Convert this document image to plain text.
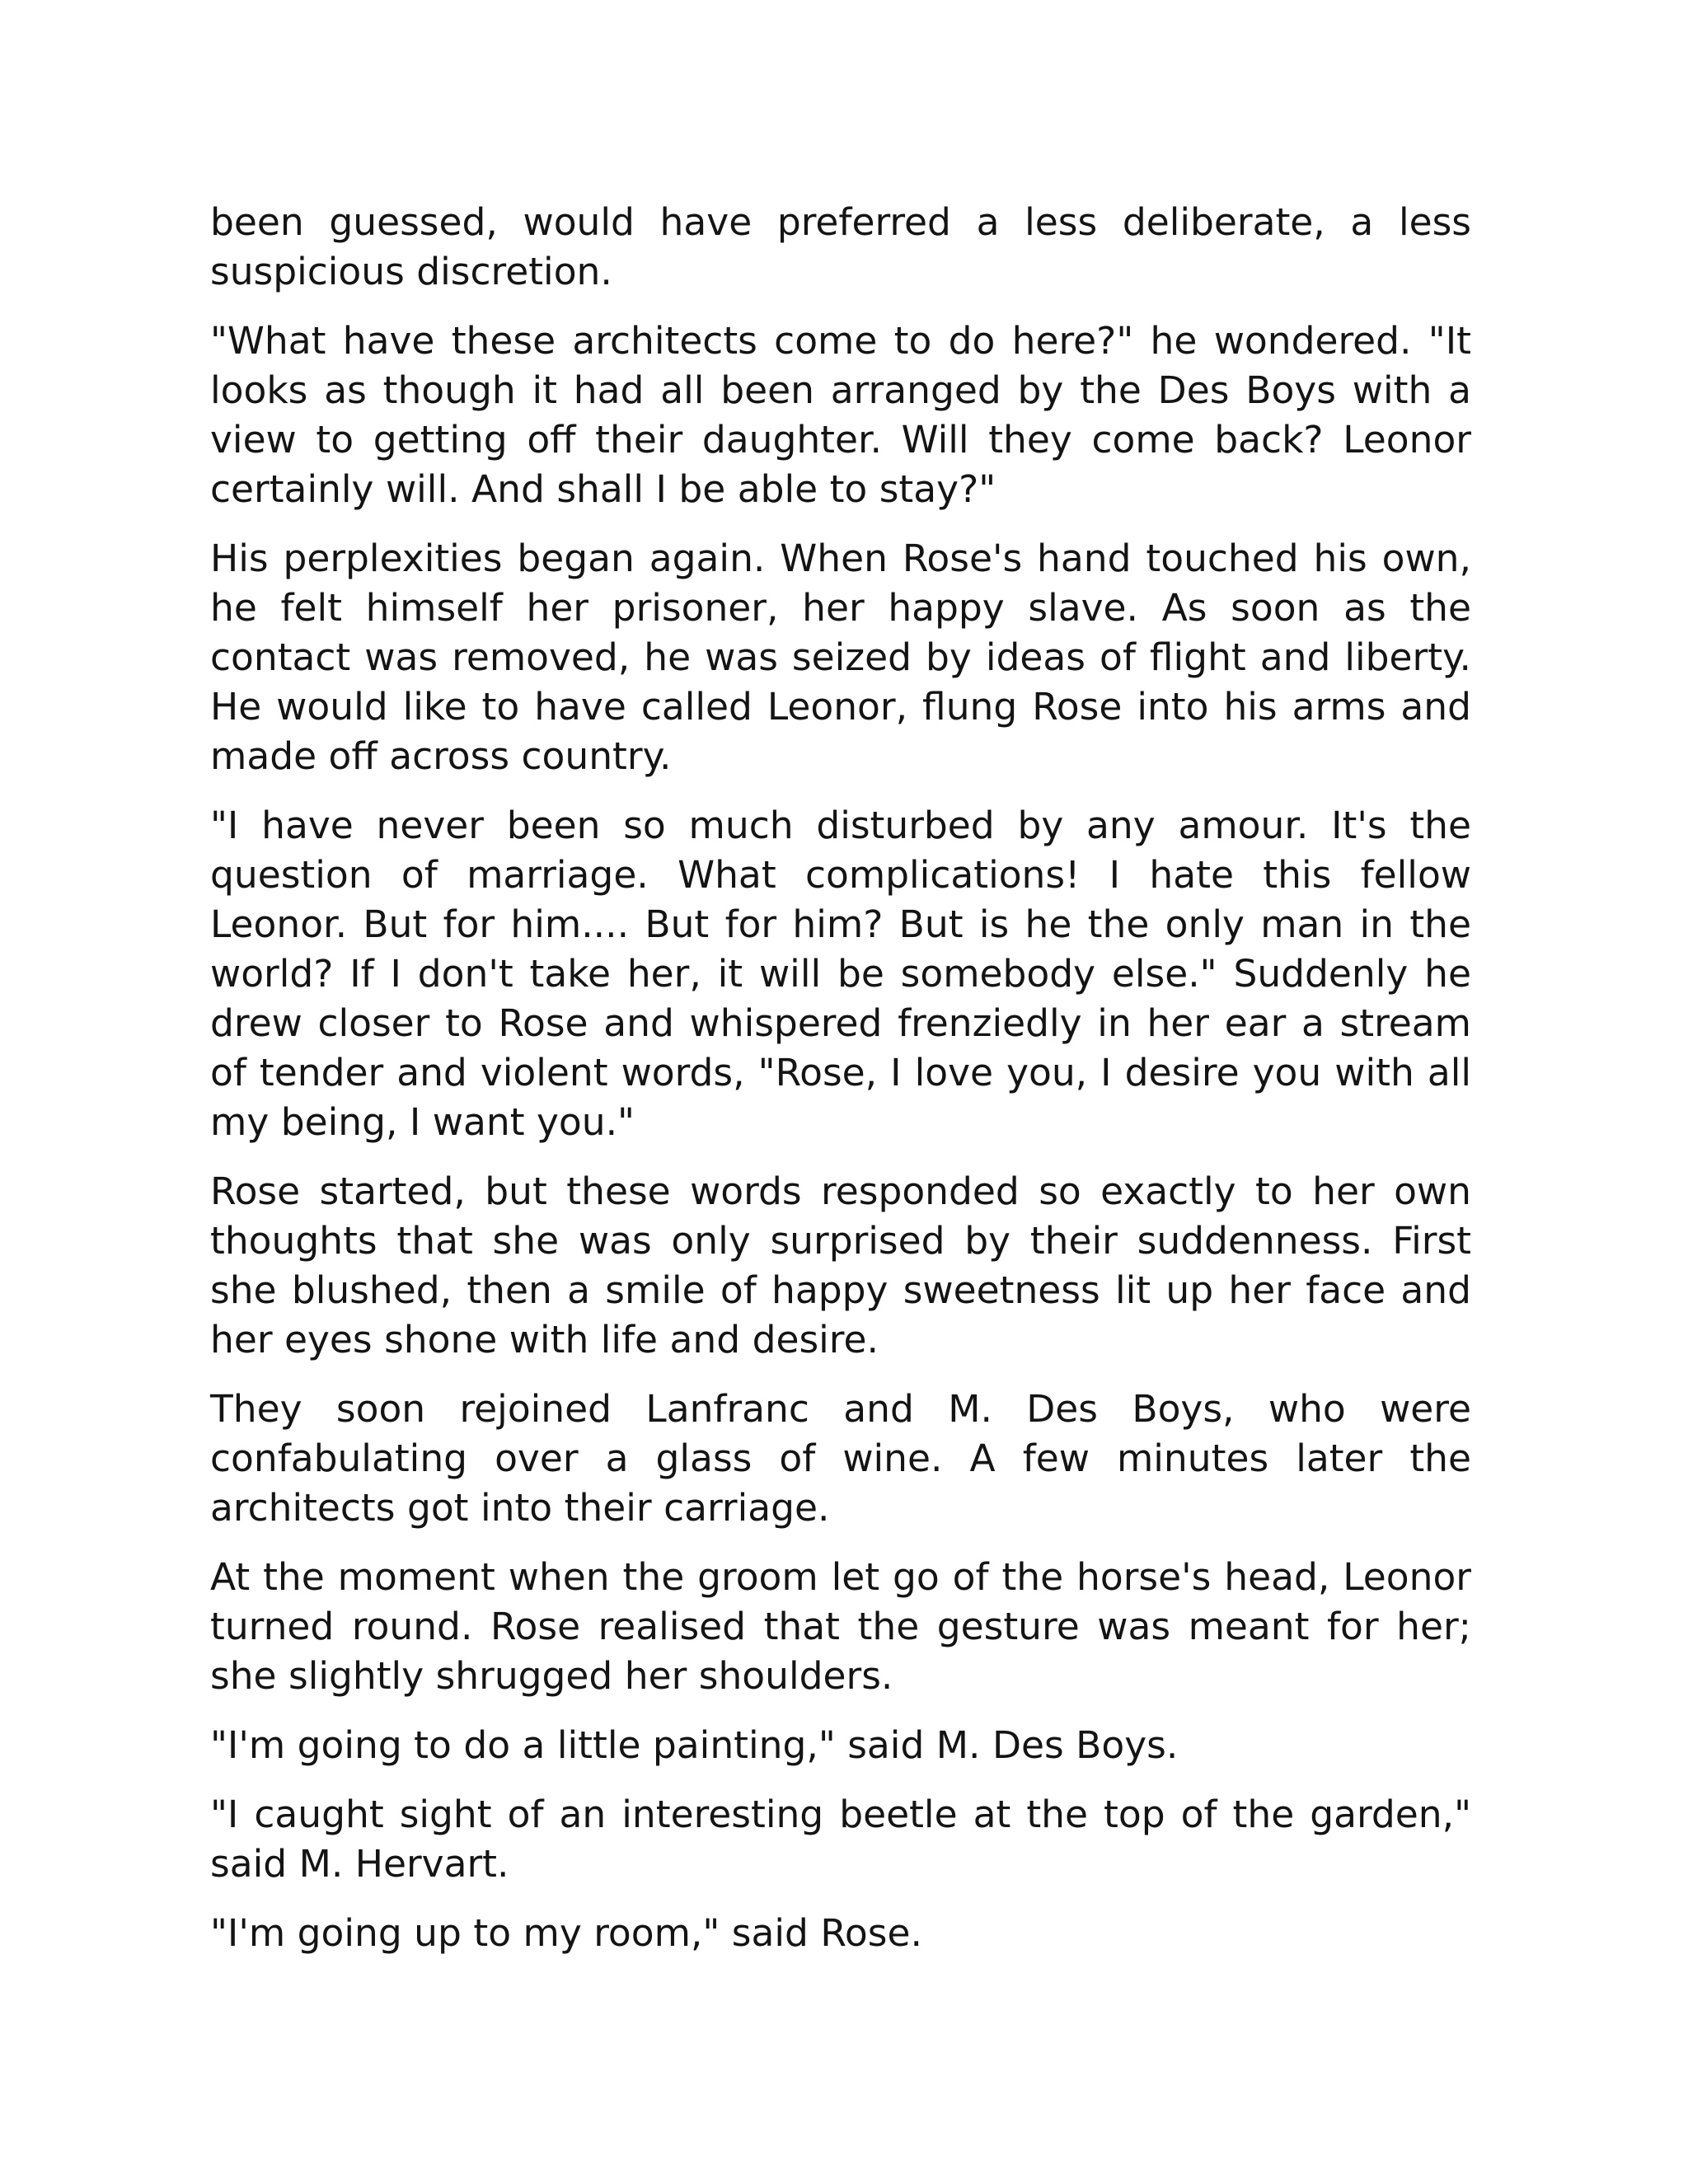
been guessed, would have preferred a less deliberate, a less suspicious discretion.

"What have these architects come to do here?" he wondered. "It looks as though it had all been arranged by the Des Boys with a view to getting off their daughter. Will they come back? Leonor certainly will. And shall I be able to stay?"

His perplexities began again. When Rose's hand touched his own, he felt himself her prisoner, her happy slave. As soon as the contact was removed, he was seized by ideas of flight and liberty. He would like to have called Leonor, flung Rose into his arms and made off across country.

"I have never been so much disturbed by any amour. It's the question of marriage. What complications! I hate this fellow Leonor. But for him.... But for him? But is he the only man in the world? If I don't take her, it will be somebody else." Suddenly he drew closer to Rose and whispered frenziedly in her ear a stream of tender and violent words, "Rose, I love you, I desire you with all my being, I want you."

Rose started, but these words responded so exactly to her own thoughts that she was only surprised by their suddenness. First she blushed, then a smile of happy sweetness lit up her face and her eyes shone with life and desire.

They soon rejoined Lanfranc and M. Des Boys, who were confabulating over a glass of wine. A few minutes later the architects got into their carriage.

At the moment when the groom let go of the horse's head, Leonor turned round. Rose realised that the gesture was meant for her; she slightly shrugged her shoulders.

"I'm going to do a little painting," said M. Des Boys.

"I caught sight of an interesting beetle at the top of the garden," said M. Hervart.

"I'm going up to my room," said Rose.
